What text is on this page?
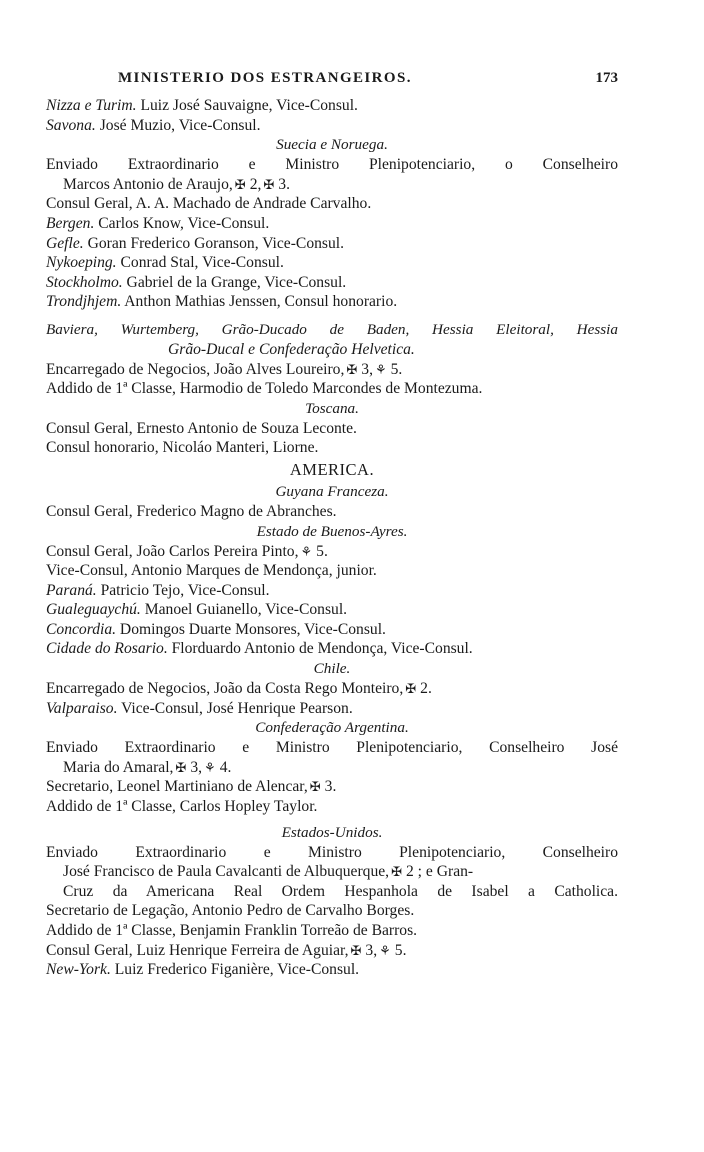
MINISTERIO DOS ESTRANGEIROS.	173
Nizza e Turim. Luiz José Sauvaigne, Vice-Consul.
Savona. José Muzio, Vice-Consul.
Suecia e Noruega.
Enviado Extraordinario e Ministro Plenipotenciario, o Conselheiro
Marcos Antonio de Araujo,✠ 2,✠ 3.
Consul Geral, A. A. Machado de Andrade Carvalho.
Bergen. Carlos Know, Vice-Consul.
Gefle. Goran Frederico Goranson, Vice-Consul.
Nykoeping. Conrad Stal, Vice-Consul.
Stockholmo. Gabriel de la Grange, Vice-Consul.
Trondjhjem. Anthon Mathias Jenssen, Consul honorario.
Baviera, Wurtemberg, Grão-Ducado de Baden, Hessia Eleitoral, Hessia
Grão-Ducal e Confederação Helvetica.
Encarregado de Negocios, João Alves Loureiro,✠ 3,⚘ 5.
Addido de 1ª Classe, Harmodio de Toledo Marcondes de Montezuma.
Toscana.
Consul Geral, Ernesto Antonio de Souza Leconte.
Consul honorario, Nicoláo Manteri, Liorne.
AMERICA.
Guyana Franceza.
Consul Geral, Frederico Magno de Abranches.
Estado de Buenos-Ayres.
Consul Geral, João Carlos Pereira Pinto,⚘ 5.
Vice-Consul, Antonio Marques de Mendonça, junior.
Paraná. Patricio Tejo, Vice-Consul.
Gualeguaychú. Manoel Guianello, Vice-Consul.
Concordia. Domingos Duarte Monsores, Vice-Consul.
Cidade do Rosario. Florduardo Antonio de Mendonça, Vice-Consul.
Chile.
Encarregado de Negocios, João da Costa Rego Monteiro,✠ 2.
Valparaiso. Vice-Consul, José Henrique Pearson.
Confederação Argentina.
Enviado Extraordinario e Ministro Plenipotenciario, Conselheiro José
Maria do Amaral,✠ 3,⚘ 4.
Secretario, Leonel Martiniano de Alencar,✠ 3.
Addido de 1ª Classe, Carlos Hopley Taylor.
Estados-Unidos.
Enviado Extraordinario e Ministro Plenipotenciario, Conselheiro
José Francisco de Paula Cavalcanti de Albuquerque,✠ 2 ; e Gran-
Cruz da Americana Real Ordem Hespanhola de Isabel a Catholica.
Secretario de Legação, Antonio Pedro de Carvalho Borges.
Addido de 1ª Classe, Benjamin Franklin Torreão de Barros.
Consul Geral, Luiz Henrique Ferreira de Aguiar,✠ 3,⚘ 5.
New-York. Luiz Frederico Figanière, Vice-Consul.
